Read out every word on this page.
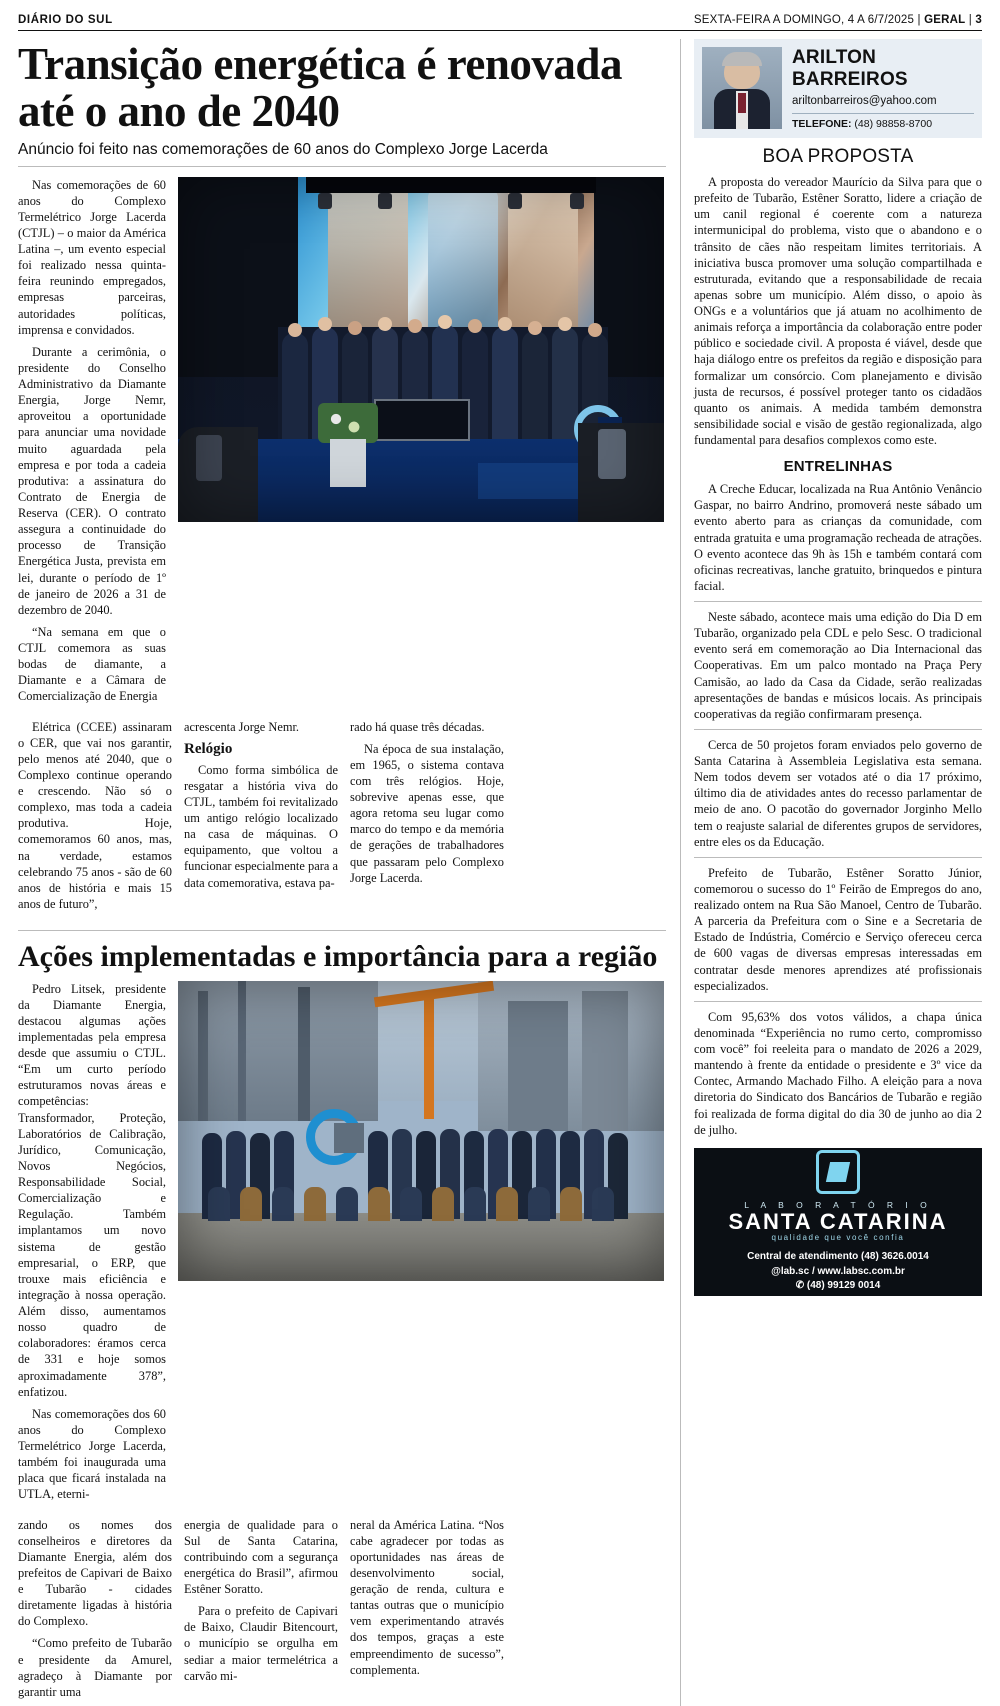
DIÁRIO DO SUL	SEXTA-FEIRA A DOMINGO, 4 A 6/7/2025 | GERAL | 3
Transição energética é renovada até o ano de 2040
Anúncio foi feito nas comemorações de 60 anos do Complexo Jorge Lacerda

Nas comemorações de 60 anos do Complexo Termelétrico Jorge Lacerda (CTJL) – o maior da América Latina –, um evento especial foi realizado nessa quinta-feira reunindo empregados, empresas parceiras, autoridades políticas, imprensa e convidados.

Durante a cerimônia, o presidente do Conselho Administrativo da Diamante Energia, Jorge Nemr, aproveitou a oportunidade para anunciar uma novidade muito aguardada pela empresa e por toda a cadeia produtiva: a assinatura do Contrato de Energia de Reserva (CER). O contrato assegura a continuidade do processo de Transição Energética Justa, prevista em lei, durante o período de 1º de janeiro de 2026 a 31 de dezembro de 2040.

“Na semana em que o CTJL comemora as suas bodas de diamante, a Diamante e a Câmara de Comercialização de Energia

Elétrica (CCEE) assinaram o CER, que vai nos garantir, pelo menos até 2040, que o Complexo continue operando e crescendo. Não só o complexo, mas toda a cadeia produtiva. Hoje, comemoramos 60 anos, mas, na verdade, estamos celebrando 75 anos - são de 60 anos de história e mais 15 anos de futuro”,

acrescenta Jorge Nemr.

Relógio

Como forma simbólica de resgatar a história viva do CTJL, também foi revitalizado um antigo relógio localizado na casa de máquinas. O equipamento, que voltou a funcionar especialmente para a data comemorativa, estava pa-

rado há quase três décadas.

Na época de sua instalação, em 1965, o sistema contava com três relógios. Hoje, sobrevive apenas esse, que agora retoma seu lugar como marco do tempo e da memória de gerações de trabalhadores que passaram pelo Complexo Jorge Lacerda.

Ações implementadas e importância para a região

Pedro Litsek, presidente da Diamante Energia, destacou algumas ações implementadas pela empresa desde que assumiu o CTJL. “Em um curto período estruturamos novas áreas e competências: Transformador, Proteção, Laboratórios de Calibração, Jurídico, Comunicação, Novos Negócios, Responsabilidade Social, Comercialização e Regulação. Também implantamos um novo sistema de gestão empresarial, o ERP, que trouxe mais eficiência e integração à nossa operação. Além disso, aumentamos nosso quadro de colaboradores: éramos cerca de 331 e hoje somos aproximadamente 378”, enfatizou.

Nas comemorações dos 60 anos do Complexo Termelétrico Jorge Lacerda, também foi inaugurada uma placa que ficará instalada na UTLA, eterni-

zando os nomes dos conselheiros e diretores da Diamante Energia, além dos prefeitos de Capivari de Baixo e Tubarão - cidades diretamente ligadas à história do Complexo.

“Como prefeito de Tubarão e presidente da Amurel, agradeço à Diamante por garantir uma

energia de qualidade para o Sul de Santa Catarina, contribuindo com a segurança energética do Brasil”, afirmou Estêner Soratto.

Para o prefeito de Capivari de Baixo, Claudir Bitencourt, o município se orgulha em sediar a maior termelétrica a carvão mi-

neral da América Latina. “Nos cabe agradecer por todas as oportunidades nas áreas de desenvolvimento social, geração de renda, cultura e tantas outras que o município vem experimentando através dos tempos, graças a este empreendimento de sucesso”, complementa.

ARILTON BARREIROS
ariltonbarreiros@yahoo.com
TELEFONE: (48) 98858-8700
BOA PROPOSTA

A proposta do vereador Maurício da Silva para que o prefeito de Tubarão, Estêner Soratto, lidere a criação de um canil regional é coerente com a natureza intermunicipal do problema, visto que o abandono e o trânsito de cães não respeitam limites territoriais. A iniciativa busca promover uma solução compartilhada e estruturada, evitando que a responsabilidade de recaia apenas sobre um município. Além disso, o apoio às ONGs e a voluntários que já atuam no acolhimento de animais reforça a importância da colaboração entre poder público e sociedade civil. A proposta é viável, desde que haja diálogo entre os prefeitos da região e disposição para formalizar um consórcio. Com planejamento e divisão justa de recursos, é possível proteger tanto os cidadãos quanto os animais. A medida também demonstra sensibilidade social e visão de gestão regionalizada, algo fundamental para desafios complexos como este.

ENTRELINHAS

A Creche Educar, localizada na Rua Antônio Venâncio Gaspar, no bairro Andrino, promoverá neste sábado um evento aberto para as crianças da comunidade, com entrada gratuita e uma programação recheada de atrações. O evento acontece das 9h às 15h e também contará com oficinas recreativas, lanche gratuito, brinquedos e pintura facial.

Neste sábado, acontece mais uma edição do Dia D em Tubarão, organizado pela CDL e pelo Sesc. O tradicional evento será em comemoração ao Dia Internacional das Cooperativas. Em um palco montado na Praça Pery Camisão, ao lado da Casa da Cidade, serão realizadas apresentações de bandas e músicos locais. As principais cooperativas da região confirmaram presença.

Cerca de 50 projetos foram enviados pelo governo de Santa Catarina à Assembleia Legislativa esta semana. Nem todos devem ser votados até o dia 17 próximo, último dia de atividades antes do recesso parlamentar de meio de ano. O pacotão do governador Jorginho Mello tem o reajuste salarial de diferentes grupos de servidores, entre eles os da Educação.

Prefeito de Tubarão, Estêner Soratto Júnior, comemorou o sucesso do 1º Feirão de Empregos do ano, realizado ontem na Rua São Manoel, Centro de Tubarão. A parceria da Prefeitura com o Sine e a Secretaria de Estado de Indústria, Comércio e Serviço ofereceu cerca de 600 vagas de diversas empresas interessadas em contratar desde menores aprendizes até profissionais especializados.

Com 95,63% dos votos válidos, a chapa única denominada “Experiência no rumo certo, compromisso com você” foi reeleita para o mandato de 2026 a 2029, mantendo à frente da entidade o presidente e 3º vice da Contec, Armando Machado Filho. A eleição para a nova diretoria do Sindicato dos Bancários de Tubarão e região foi realizada de forma digital do dia 30 de junho ao dia 2 de julho.

L A B O R A T Ó R I O
SANTA CATARINA
qualidade que você confia
Central de atendimento (48) 3626.0014
@lab.sc / www.labsc.com.br
✆ (48) 99129 0014
